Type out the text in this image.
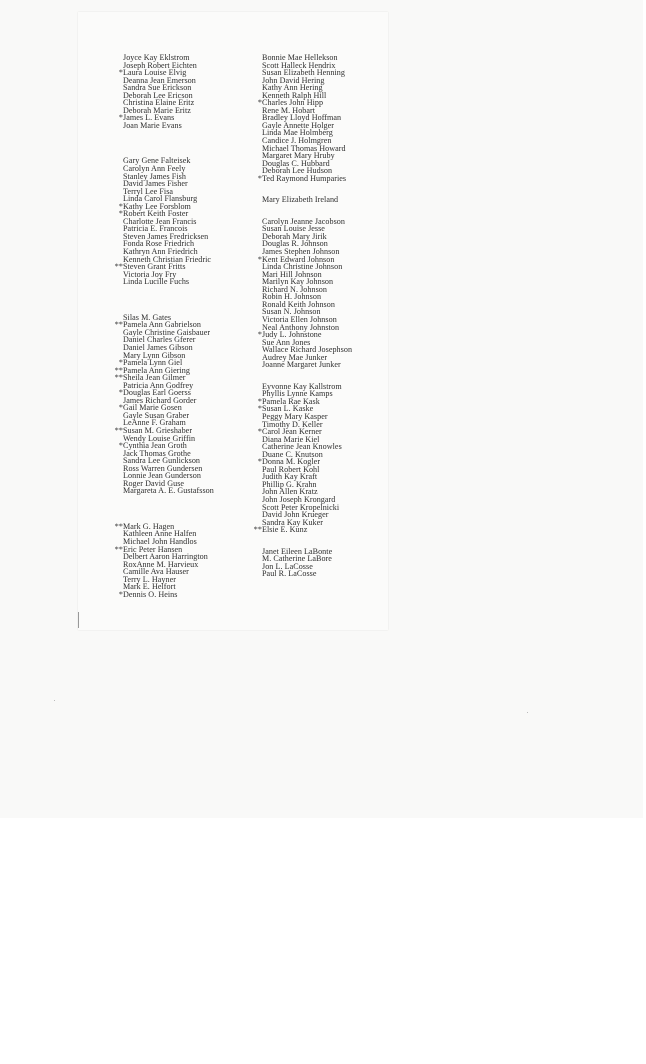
Joyce Kay Eklstrom
Joseph Robert Eichten
*Laura Louise Elvig
Deanna Jean Emerson
Sandra Sue Erickson
Deborah Lee Ericson
Christina Elaine Eritz
Deborah Marie Eritz
*James L. Evans
Joan Marie Evans
Gary Gene Falteisek
Carolyn Ann Feely
Stanley James Fish
David James Fisher
Terryl Lee Fisa
Linda Carol Flansburg
*Kathy Lee Forsblom
*Robert Keith Foster
Charlotte Jean Francis
Patricia E. Francois
Steven James Fredricksen
Fonda Rose Friedrich
Kathryn Ann Friedrich
Kenneth Christian Friedric
**Steven Grant Fritts
Victoria Joy Fry
Linda Lucille Fuchs
Silas M. Gates
**Pamela Ann Gabrielson
Gayle Christine Gaisbauer
Daniel Charles Gferer
Daniel James Gibson
Mary Lynn Gibson
*Pamela Lynn Giel
**Pamela Ann Giering
**Sheila Jean Gilmer
Patricia Ann Godfrey
*Douglas Earl Goerss
James Richard Gorder
*Gail Marie Gosen
Gayle Susan Graber
LeAnne F. Graham
**Susan M. Grieshaber
Wendy Louise Griffin
*Cynthia Jean Groth
Jack Thomas Grothe
Sandra Lee Gunlickson
Ross Warren Gundersen
Lonnie Jean Gunderson
Roger David Guse
Margareta A. E. Gustafsson
**Mark G. Hagen
Kathleen Anne Halfen
Michael John Handlos
**Eric Peter Hansen
Delbert Aaron Harrington
RoxAnne M. Harvieux
Camille Ava Hauser
Terry L. Hayner
Mark E. Helfort
*Dennis O. Heins
Bonnie Mae Hellekson
Scott Halleck Hendrix
Susan Elizabeth Henning
John David Hering
Kathy Ann Hering
Kenneth Ralph Hill
*Charles John Hipp
Rene M. Hobart
Bradley Lloyd Hoffman
Gayle Annette Holger
Linda Mae Holmberg
Candice J. Holmgren
Michael Thomas Howard
Margaret Mary Hruby
Douglas C. Hubbard
Deborah Lee Hudson
*Ted Raymond Humparies
Mary Elizabeth Ireland
Carolyn Jeanne Jacobson
Susan Louise Jesse
Deborah Mary Jirik
Douglas R. Johnson
James Stephen Johnson
*Kent Edward Johnson
Linda Christine Johnson
Mari Hill Johnson
Marilyn Kay Johnson
Richard N. Johnson
Robin H. Johnson
Ronald Keith Johnson
Susan N. Johnson
Victoria Ellen Johnson
Neal Anthony Johnston
*Judy L. Johnstone
Sue Ann Jones
Wallace Richard Josephson
Audrey Mae Junker
Joanne Margaret Junker
Eyvonne Kay Kallstrom
Phyllis Lynne Kamps
*Pamela Rae Kask
*Susan L. Kaske
Peggy Mary Kasper
Timothy D. Keller
*Carol Jean Kerner
Diana Marie Kiel
Catherine Jean Knowles
Duane C. Knutson
*Donna M. Kogler
Paul Robert Kohl
Judith Kay Kraft
Phillip G. Krahn
John Allen Kratz
John Joseph Krongard
Scott Peter Kropelnicki
David John Krueger
Sandra Kay Kuker
**Elsie E. Kunz
Janet Eileen LaBonte
M. Catherine LaBore
Jon L. LaCosse
Paul R. LaCosse
